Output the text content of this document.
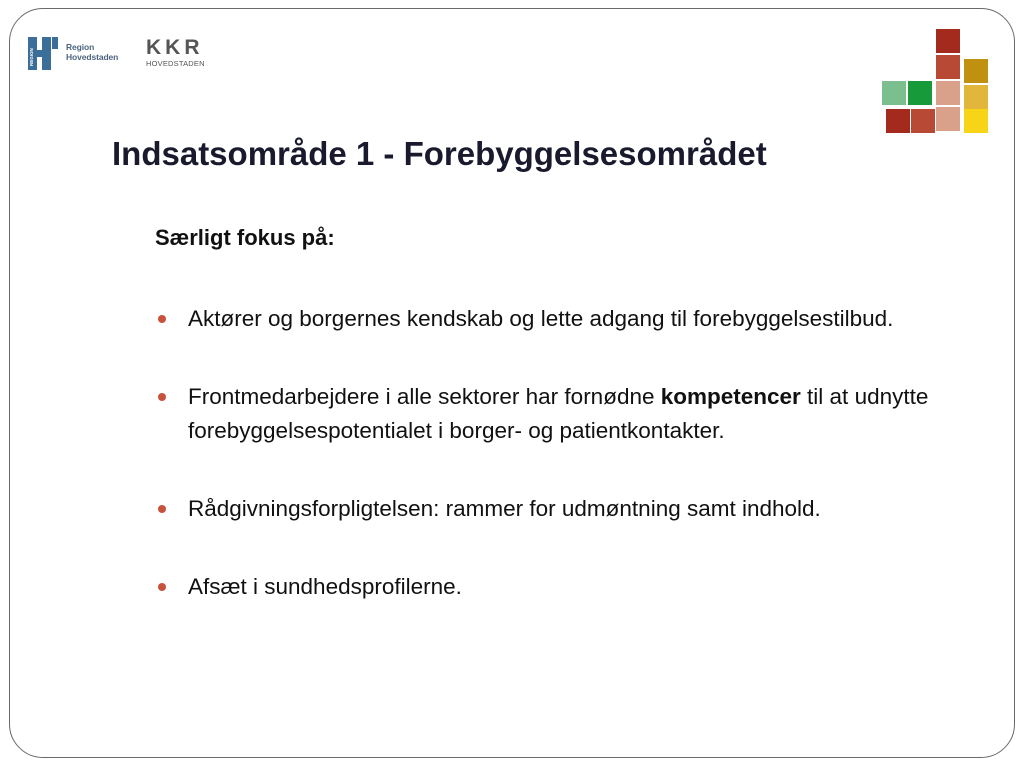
REGION
Region
Hovedstaden KKR
HOVEDSTADEN
Indsatsområde 1 - Forebyggelsesområdet

Særligt fokus på:

Aktører og borgernes kendskab og lette adgang til forebyggelsestilbud.
Frontmedarbejdere i alle sektorer har fornødne kompetencer til at udnytte forebyggelsespotentialet i borger- og patientkontakter.
Rådgivningsforpligtelsen: rammer for udmøntning samt indhold.
Afsæt i sundhedsprofilerne.
